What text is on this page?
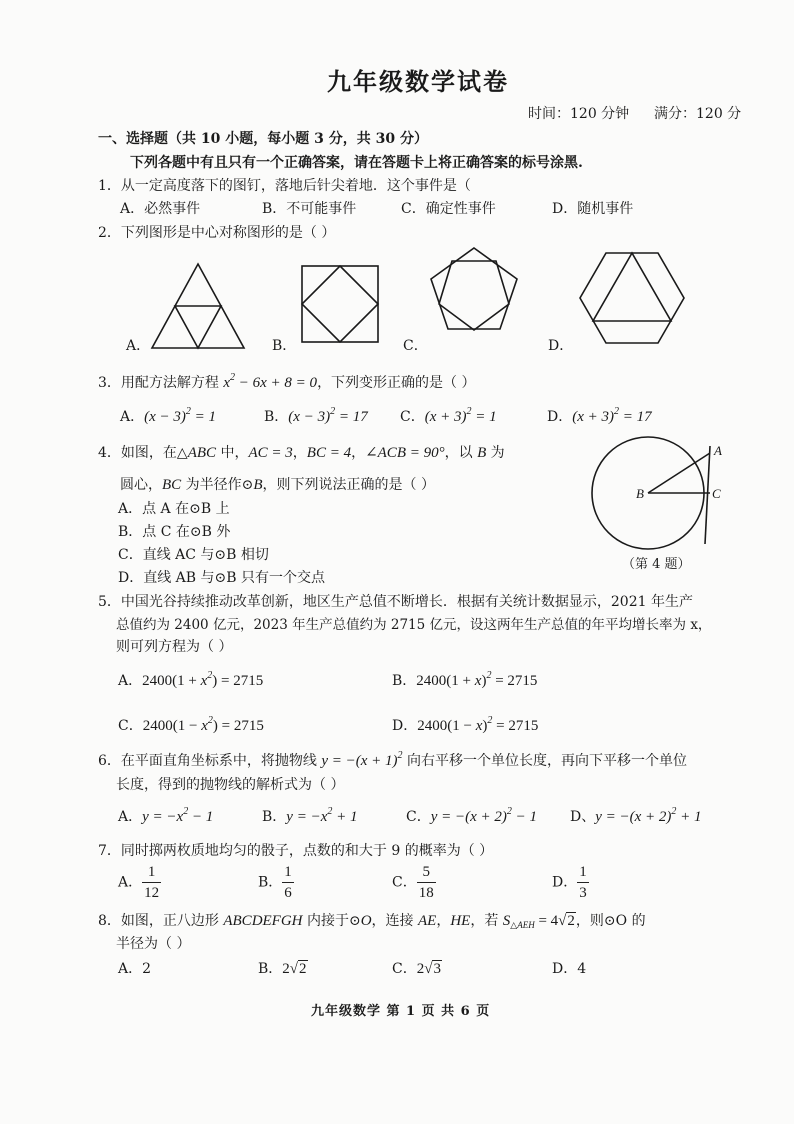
九年级数学试卷
时间：120 分钟 满分：120 分
一、选择题（共 10 小题，每小题 3 分，共 30 分）
下列各题中有且只有一个正确答案，请在答题卡上将正确答案的标号涂黑.
1．从一定高度落下的图钉，落地后针尖着地．这个事件是（
A．必然事件	B．不可能事件	C．确定性事件	D．随机事件
2．下列图形是中心对称图形的是（ ）
A．	B．	C．	D．
3．用配方法解方程 $x^2 - 6x + 8 = 0$，下列变形正确的是（ ）
A．$(x - 3)^2 = 1$	B．$(x - 3)^2 = 17$ C．$(x + 3)^2 = 1$	D．$(x + 3)^2 = 17$
4．如图，在△ABC 中，AC = 3，BC = 4，∠ACB = 90°，以 B 为
圆心，BC 为半径作⊙B，则下列说法正确的是（ ）
A．点 A 在⊙B 上
B．点 C 在⊙B 外
C．直线 AC 与⊙B 相切
D．直线 AB 与⊙B 只有一个交点
A
B	C
（第 4 题）
5．中国光谷持续推动改革创新，地区生产总值不断增长．根据有关统计数据显示，2021 年生产
总值约为 2400 亿元，2023 年生产总值约为 2715 亿元，设这两年生产总值的年平均增长率为 x，
则可列方程为（ ）
A．$2400(1 + x^2) = 2715$	B．$2400(1 + x)^2 = 2715$
C．$2400(1 - x^2) = 2715$	D．$2400(1 - x)^2 = 2715$
6．在平面直角坐标系中，将抛物线 $y = -(x + 1)^2$ 向右平移一个单位长度，再向下平移一个单位
长度，得到的抛物线的解析式为（ ）
A．$y = -x^2 - 1$	B．$y = -x^2 + 1$	C．$y = -(x + 2)^2 - 1$ D、$y = -(x + 2)^2 + 1$
7．同时掷两枚质地均匀的骰子，点数的和大于 9 的概率为（ ）
A． $\frac{1}{12}$	B． $\frac{1}{6}$	C． $\frac{5}{18}$	D． $\frac{1}{3}$
8．如图，正八边形 ABCDEFGH 内接于⊙O，连接 AE，HE，若 $S_{\triangle AEH} = 4√2$，则⊙O 的
半径为（ ）
A．2	B．2√2	C．2√3	D．4
九年级数学 第 1 页 共 6 页
